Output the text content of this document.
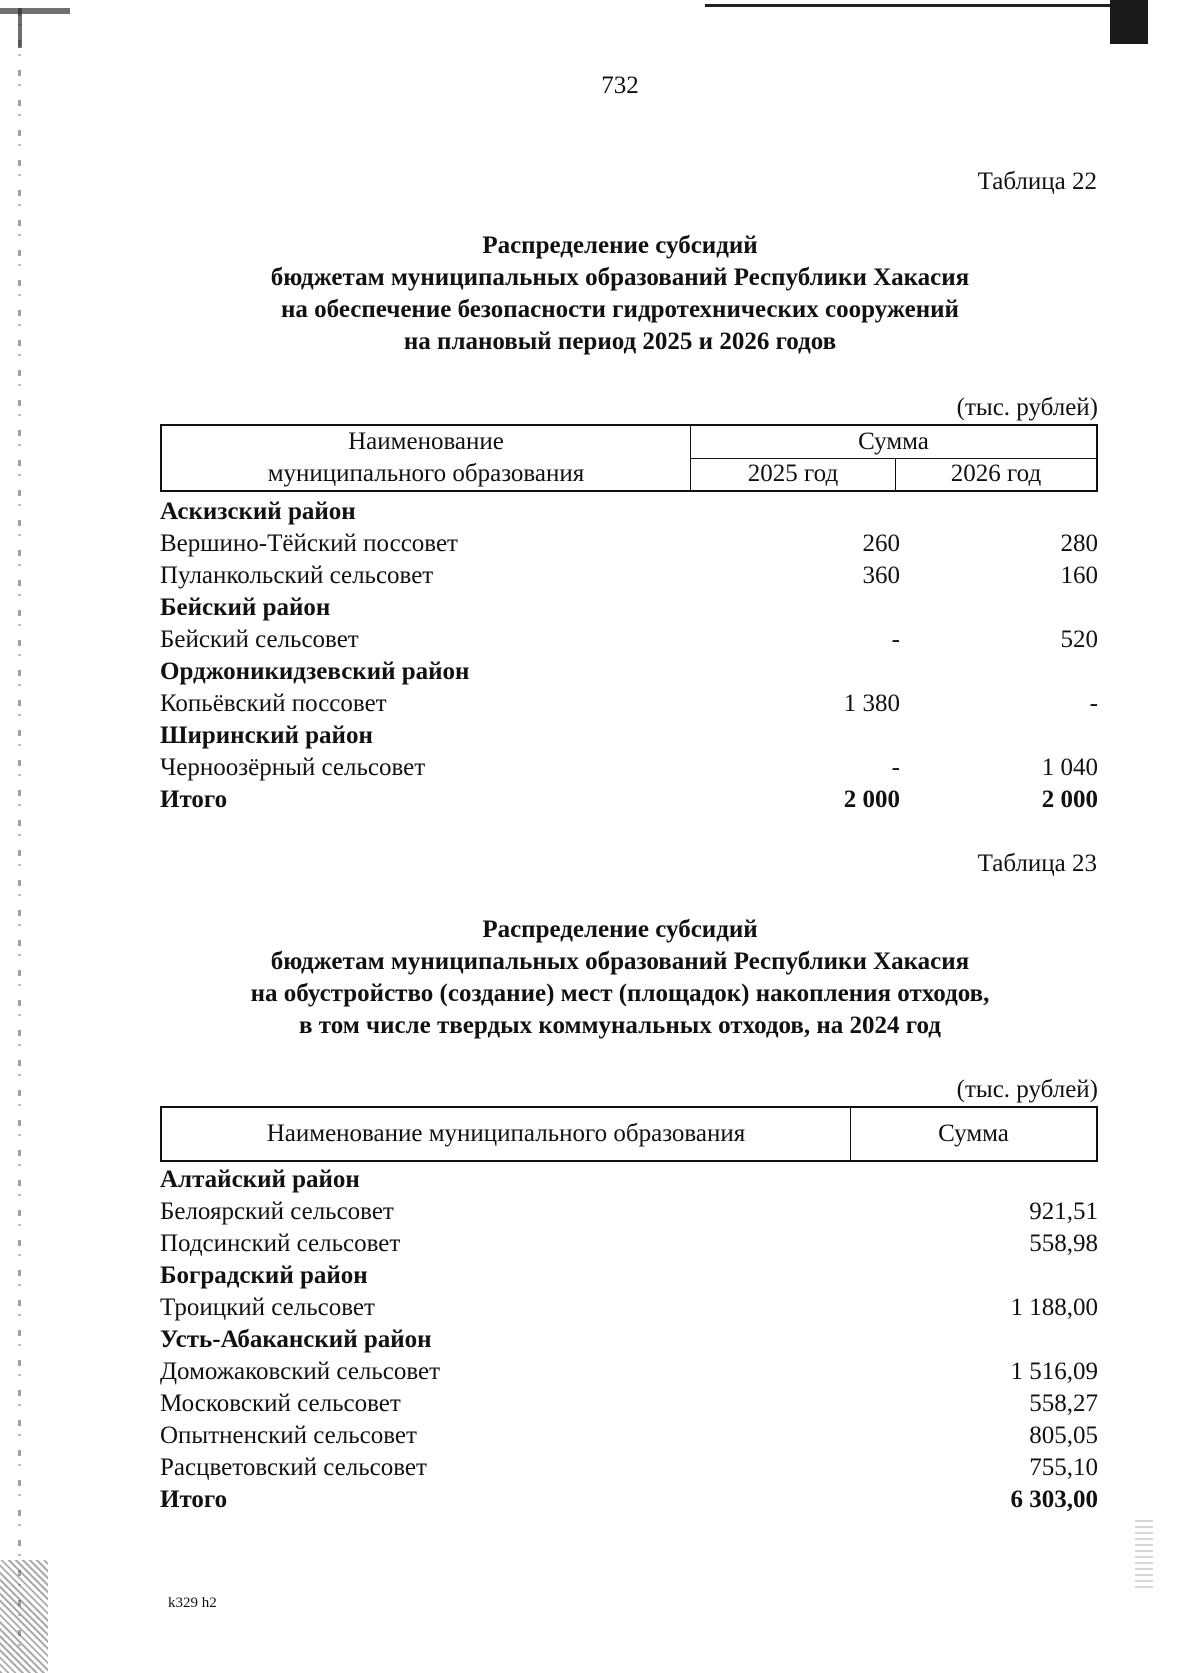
732
Таблица 22
Распределение субсидий
бюджетам муниципальных образований Республики Хакасия
на обеспечение безопасности гидротехнических сооружений
на плановый период 2025 и 2026 годов
(тыс. рублей)
Наименование
муниципального образования	Сумма	
	2025 год	2026 год
Аскизский район
Вершино-Тёйский поссовет	260	280
Пуланкольский сельсовет	360	160
Бейский район
Бейский сельсовет	-	520
Орджоникидзевский район
Копьёвский поссовет	1 380	-
Ширинский район
Черноозёрный сельсовет	-	1 040
Итого	2 000	2 000
Таблица 23
Распределение субсидий
бюджетам муниципальных образований Республики Хакасия
на обустройство (создание) мест (площадок) накопления отходов,
в том числе твердых коммунальных отходов, на 2024 год
(тыс. рублей)
Наименование муниципального образования	Сумма
Алтайский район
Белоярский сельсовет	921,51
Подсинский сельсовет	558,98
Боградский район
Троицкий сельсовет	1 188,00
Усть-Абаканский район
Доможаковский сельсовет	1 516,09
Московский сельсовет	558,27
Опытненский сельсовет	805,05
Расцветовский сельсовет	755,10
Итого	6 303,00
k329 h2
